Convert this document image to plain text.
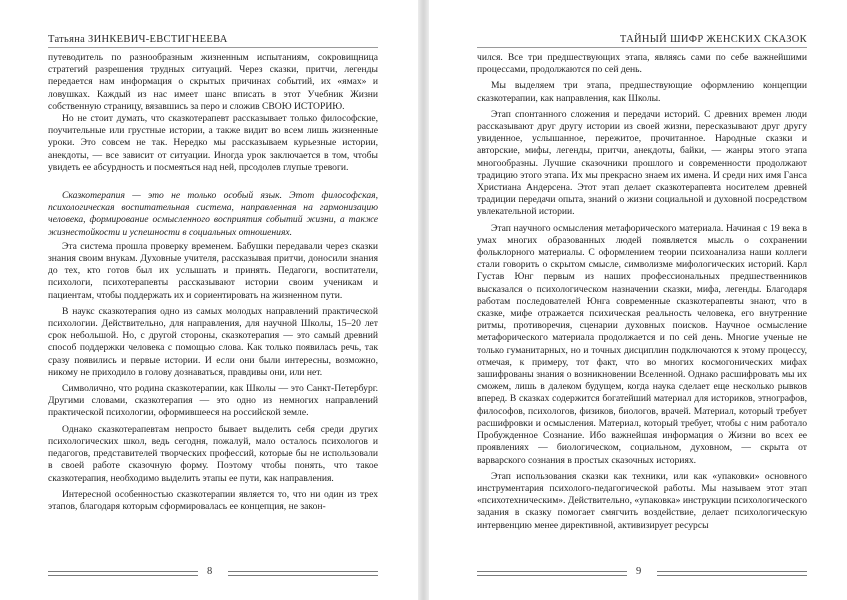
Татьяна ЗИНКЕВИЧ-ЕВСТИГНЕЕВА

путеводитель по разнообразным жизненным испытаниям, сокровищница стратегий разрешения трудных ситуаций. Через сказки, притчи, легенды передается нам информация о скрытых причинах событий, их «ямах» и ловушках. Каждый из нас имеет шанс вписать в этот Учебник Жизни собственную страницу, вязавшись за перо и сложив СВОЮ ИСТОРИЮ.

Но не стоит думать, что сказкотерапевт рассказывает только философские, поучительные или грустные истории, а также видит во всем лишь жизненные уроки. Это совсем не так. Нередко мы рассказываем курьезные истории, анекдоты, — все зависит от ситуации. Иногда урок заключается в том, чтобы увидеть ее абсурдность и посмеяться над ней, прсодолев глупые тревоги.

Сказкотерапия — это не только особый язык. Этот философская, психологическая воспитательная система, направленная на гармонизацию человека, формирование осмысленного восприятия событий жизни, а также жизнестойкости и успешности в социальных отношениях.

Эта система прошла проверку временем. Бабушки передавали через сказки знания своим внукам. Духовные учителя, рассказывая притчи, доносили знания до тех, кто готов был их услышать и принять. Педагоги, воспитатели, психологи, психотерапевты рассказывают истории своим ученикам и пациентам, чтобы поддержать их и сориентировать на жизненном пути.

В наукс сказкотерапия одно из самых молодых направлений практической психологии. Действительно, для направления, для научной Школы, 15–20 лет срок небольшой. Но, с другой стороны, сказкотерапия — это самый древний способ поддержки человека с помощью слова. Как только появилась речь, так сразу появились и первые истории. И если они были интересны, возможно, никому не приходило в голову дознаваться, правдивы они, или нет.

Символично, что родина сказкотерапии, как Школы — это Санкт-Петербург. Другими словами, сказкотерапия — это одно из немногих направлений практической психологии, оформившееся на российской земле.

Однако сказкотерапевтам непросто бывает выделить себя среди других психологических школ, ведь сегодня, пожалуй, мало осталось психологов и педагогов, представителей творческих профессий, которые бы не использовали в своей работе сказочную форму. Поэтому чтобы понять, что такое сказкотерапия, необходимо выделить этапы ее пути, как направления.

Интересной особенностью сказкотерапии является то, что ни один из трех этапов, благодаря которым сформировалась ее концепция, не закон-

8
ТАЙНЫЙ ШИФР ЖЕНСКИХ СКАЗОК

чился. Все три предшествующих этапа, являясь сами по себе важнейшими процессами, продолжаются по сей день.

Мы выделяем три этапа, предшествующие оформлению концепции сказкотерапии, как направления, как Школы.

Этап спонтанного сложения и передачи историй. С древних времен люди рассказывают друг другу истории из своей жизни, пересказывают друг другу увиденное, услышанное, пережитое, прочитанное. Народные сказки и авторские, мифы, легенды, притчи, анекдоты, байки, — жанры этого этапа многообразны. Лучшие сказочники прошлого и современности продолжают традицию этого этапа. Их мы прекрасно знаем их имена. И среди них имя Ганса Христиана Андерсена. Этот этап делает сказкотерапевта носителем древней традиции передачи опыта, знаний о жизни социальной и духовной посредством увлекательной истории.

Этап научного осмысления метафорического материала. Начиная с 19 века в умах многих образованных людей появляется мысль о сохранении фольклорного материалы. С оформлением теории психоанализа наши коллеги стали говорить о скрытом смысле, символизме мифологических историй. Карл Густав Юнг первым из наших профессиональных предшественников высказался о психологическом назначении сказки, мифа, легенды. Благодаря работам последователей Юнга современные сказкотерапевты знают, что в сказке, мифе отражается психическая реальность человека, его внутренние ритмы, противоречия, сценарии духовных поисков. Научное осмысление метафорического материала продолжается и по сей день. Многие ученые не только гуманитарных, но и точных дисциплин подключаются к этому процессу, отмечая, к примеру, тот факт, что во многих космогонических мифах зашифрованы знания о возникновении Вселенной. Однако расшифровать мы их сможем, лишь в далеком будущем, когда наука сделает еще несколько рывков вперед. В сказках содержится богатейший материал для историков, этнографов, философов, психологов, физиков, биологов, врачей. Материал, который требует расшифровки и осмысления. Материал, который требует, чтобы с ним работало Пробужденное Сознание. Ибо важнейшая информация о Жизни во всех ее проявлениях — биологическом, социальном, духовном, — скрыта от варварского сознания в простых сказочных историях.

Этап использования сказки как техники, или как «упаковки» основного инструментария психолого-педагогической работы. Мы называем этот этап «психотехническим». Действительно, «упаковка» инструкции психологического задания в сказку помогает смягчить воздействие, делает психологическую интервенцию менее директивной, активизирует ресурсы

9
